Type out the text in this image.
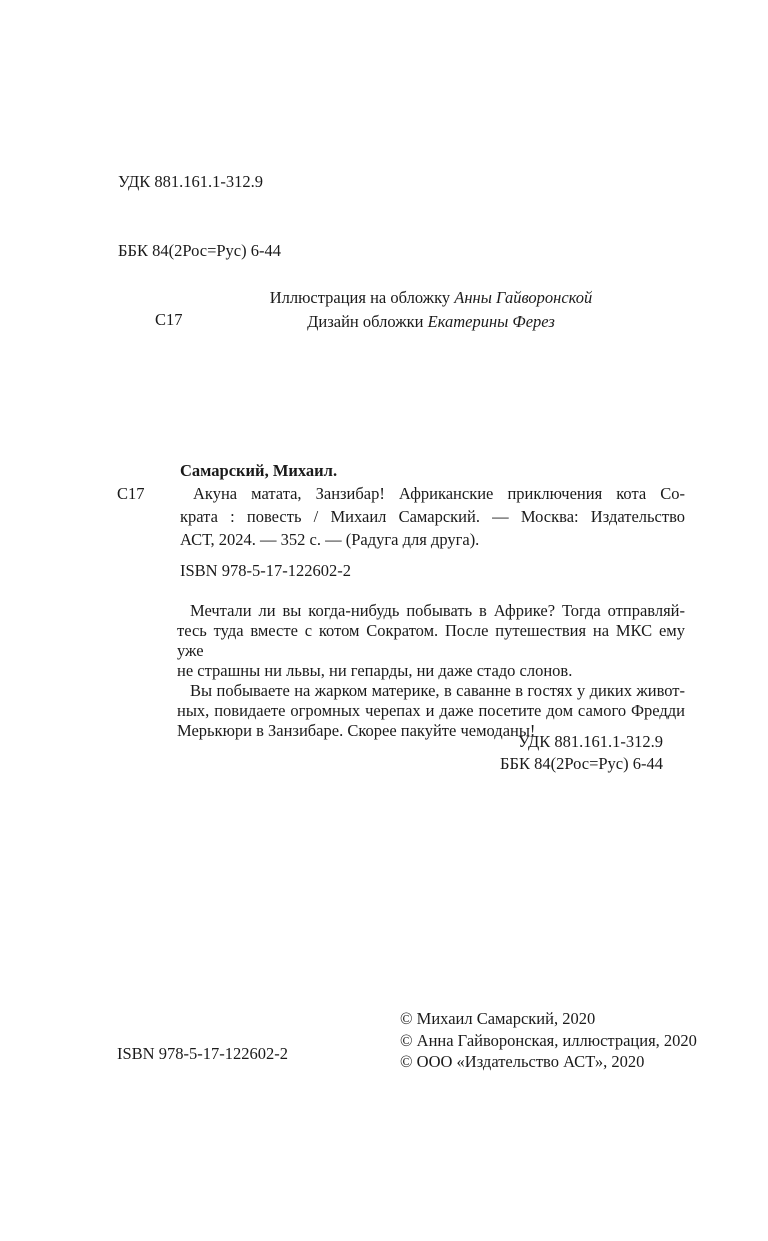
УДК 881.161.1-312.9

ББК 84(2Рос=Рус) 6-44

С17

Иллюстрация на обложку Анны Гайворонской
Дизайн обложки Екатерины Ферез
Самарский, Михаил.
С17	Акуна матата, Занзибар! Африканские приключения кота Со-
крата : повесть / Михаил Самарский. — Москва: Издательство
АСТ, 2024. — 352 с. — (Радуга для друга).
ISBN 978-5-17-122602-2
Мечтали ли вы когда-нибудь побывать в Африке? Тогда отправляй-
тесь туда вместе с котом Сократом. После путешествия на МКС ему уже
не страшны ни львы, ни гепарды, ни даже стадо слонов.
Вы побываете на жарком материке, в саванне в гостях у диких живот-
ных, повидаете огромных черепах и даже посетите дом самого Фредди
Мерькюри в Занзибаре. Скорее пакуйте чемоданы!
УДК 881.161.1-312.9
ББК 84(2Рос=Рус) 6-44
ISBN 978-5-17-122602-2
© Михаил Самарский, 2020
© Анна Гайворонская, иллюстрация, 2020
© ООО «Издательство АСТ», 2020
